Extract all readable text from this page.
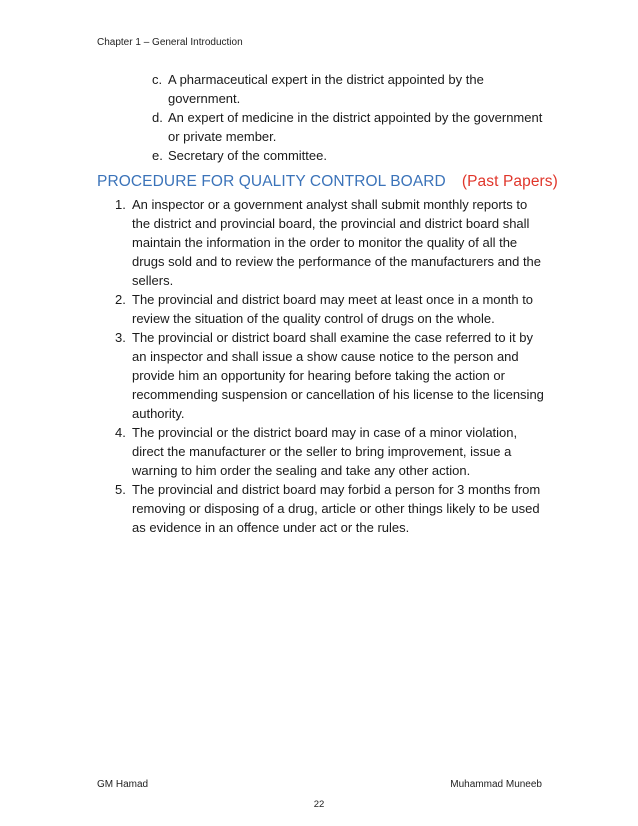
Chapter 1 – General Introduction
c. A pharmaceutical expert in the district appointed by the government.
d. An expert of medicine in the district appointed by the government or private member.
e. Secretary of the committee.
PROCEDURE FOR QUALITY CONTROL BOARD (Past Papers)
1. An inspector or a government analyst shall submit monthly reports to the district and provincial board, the provincial and district board shall maintain the information in the order to monitor the quality of all the drugs sold and to review the performance of the manufacturers and the sellers.
2. The provincial and district board may meet at least once in a month to review the situation of the quality control of drugs on the whole.
3. The provincial or district board shall examine the case referred to it by an inspector and shall issue a show cause notice to the person and provide him an opportunity for hearing before taking the action or recommending suspension or cancellation of his license to the licensing authority.
4. The provincial or the district board may in case of a minor violation, direct the manufacturer or the seller to bring improvement, issue a warning to him order the sealing and take any other action.
5. The provincial and district board may forbid a person for 3 months from removing or disposing of a drug, article or other things likely to be used as evidence in an offence under act or the rules.
GM Hamad	Muhammad Muneeb
22
